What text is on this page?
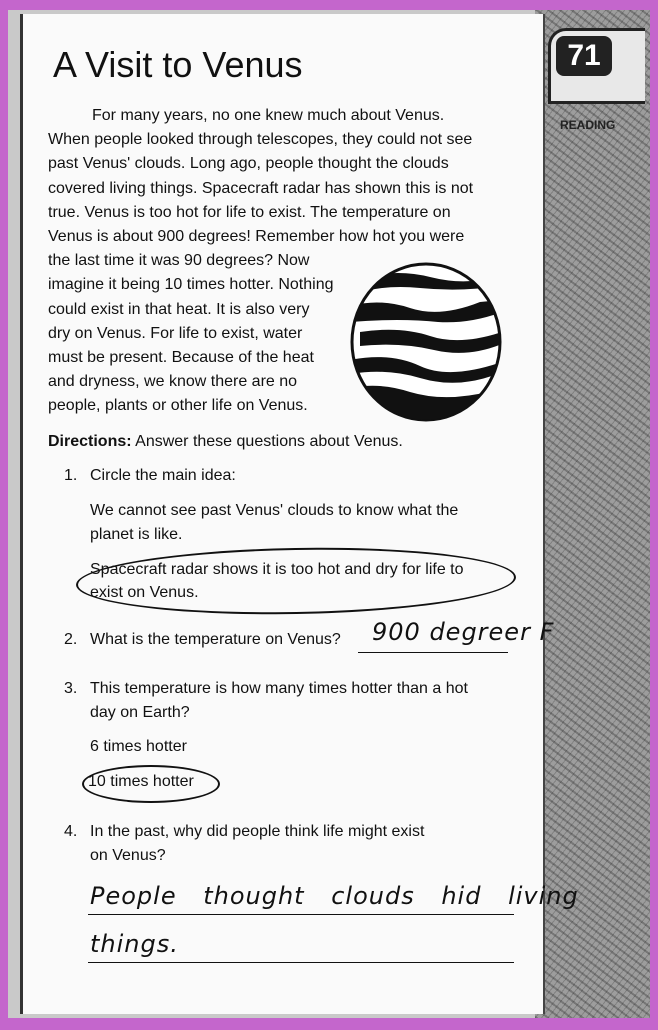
71
READING
A Visit to Venus
For many years, no one knew much about Venus.
When people looked through telescopes, they could not see
past Venus' clouds. Long ago, people thought the clouds
covered living things. Spacecraft radar has shown this is not
true. Venus is too hot for life to exist. The temperature on
Venus is about 900 degrees! Remember how hot you were
the last time it was 90 degrees? Now
imagine it being 10 times hotter. Nothing
could exist in that heat. It is also very
dry on Venus. For life to exist, water
must be present. Because of the heat
and dryness, we know there are no
people, plants or other life on Venus.
Directions: Answer these questions about Venus.
1. Circle the main idea:
We cannot see past Venus' clouds to know what the
planet is like.
Spacecraft radar shows it is too hot and dry for life to
exist on Venus.
2. What is the temperature on Venus? 900 degreer F
3. This temperature is how many times hotter than a hot
day on Earth?
6 times hotter
10 times hotter
4. In the past, why did people think life might exist
on Venus?
People thought clouds hid living
things.
